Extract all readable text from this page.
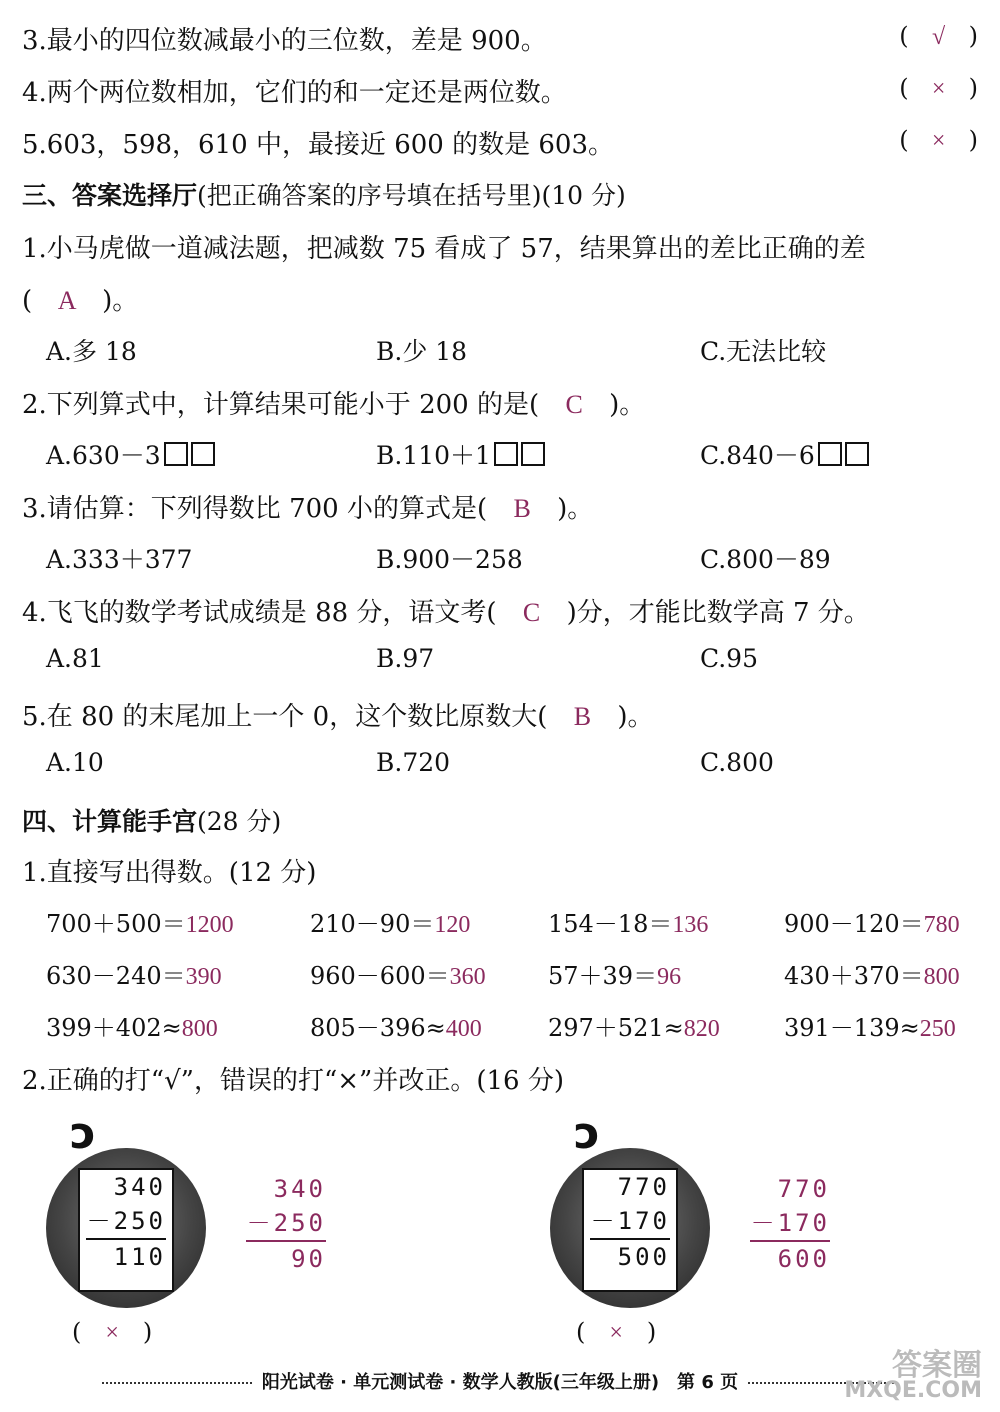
3.最小的四位数减最小的三位数，差是 900。	( √ )
4.两个两位数相加，它们的和一定还是两位数。	( × )
5.603，598，610 中，最接近 600 的数是 603。	( × )
三、答案选择厅(把正确答案的序号填在括号里)(10 分)
1.小马虎做一道减法题，把减数 75 看成了 57，结果算出的差比正确的差
( A )。
A.多 18	B.少 18	C.无法比较
2.下列算式中，计算结果可能小于 200 的是( C )。
A.630－3	B.110＋1	C.840－6
3.请估算：下列得数比 700 小的算式是( B )。
A.333＋377	B.900－258	C.800－89
4.飞飞的数学考试成绩是 88 分，语文考( C )分，才能比数学高 7 分。
A.81	B.97	C.95
5.在 80 的末尾加上一个 0，这个数比原数大( B )。
A.10	B.720	C.800
四、计算能手宫(28 分)
1.直接写出得数。(12 分)
700＋500＝1200	210－90＝120	154－18＝136	900－120＝780
630－240＝390	960－600＝360	57＋39＝96	430＋370＝800
399＋402≈800	805－396≈400	297＋521≈820	391－139≈250
2.正确的打“√”，错误的打“×”并改正。(16 分)
ↄ
340
－250
110
340
－250
90
(　×　)
ↄ
770
－170
500
770
－170
600
(　×　)
阳光试卷 · 单元测试卷 · 数学人教版(三年级上册)　第 6 页	答案圈
MXQE.COM
